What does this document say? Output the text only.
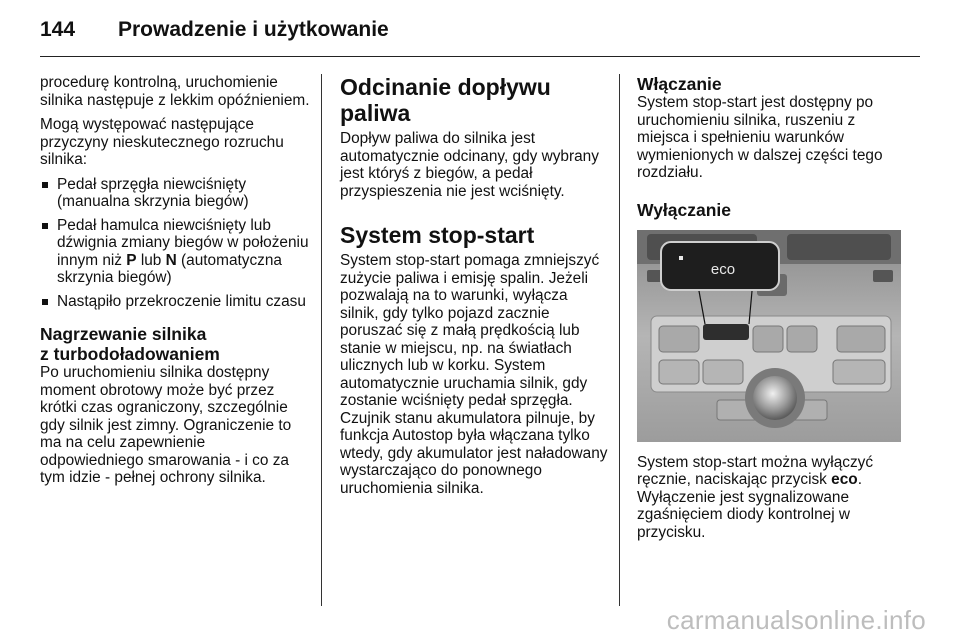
144 Prowadzenie i użytkowanie

procedurę kontrolną, uruchomienie silnika następuje z lekkim opóźnieniem.

Mogą występować następujące przyczyny nieskutecznego rozruchu silnika:

Pedał sprzęgła niewciśnięty (manualna skrzynia biegów)
Pedał hamulca niewciśnięty lub dźwignia zmiany biegów w położeniu innym niż P lub N (automatyczna skrzynia biegów)
Nastąpiło przekroczenie limitu czasu
Nagrzewanie silnika
z turbodoładowaniem

Po uruchomieniu silnika dostępny moment obrotowy może być przez krótki czas ograniczony, szczególnie gdy silnik jest zimny. Ograniczenie to ma na celu zapewnienie odpowiedniego smarowania - i co za tym idzie - pełnej ochrony silnika.

Odcinanie dopływu paliwa

Dopływ paliwa do silnika jest automatycznie odcinany, gdy wybrany jest któryś z biegów, a pedał przyspieszenia nie jest wciśnięty.

System stop-start

System stop-start pomaga zmniejszyć zużycie paliwa i emisję spalin. Jeżeli pozwalają na to warunki, wyłącza silnik, gdy tylko pojazd zacznie poruszać się z małą prędkością lub stanie w miejscu, np. na światłach ulicznych lub w korku. System automatycznie uruchamia silnik, gdy zostanie wciśnięty pedał sprzęgła. Czujnik stanu akumulatora pilnuje, by funkcja Autostop była włączana tylko wtedy, gdy akumulator jest naładowany wystarczająco do ponownego uruchomienia silnika.

Włączanie

System stop-start jest dostępny po uruchomieniu silnika, ruszeniu z miejsca i spełnieniu warunków wymienionych w dalszej części tego rozdziału.

Wyłączanie
eco

System stop-start można wyłączyć ręcznie, naciskając przycisk eco. Wyłączenie jest sygnalizowane zgaśnięciem diody kontrolnej w przycisku.

carmanualsonline.info
